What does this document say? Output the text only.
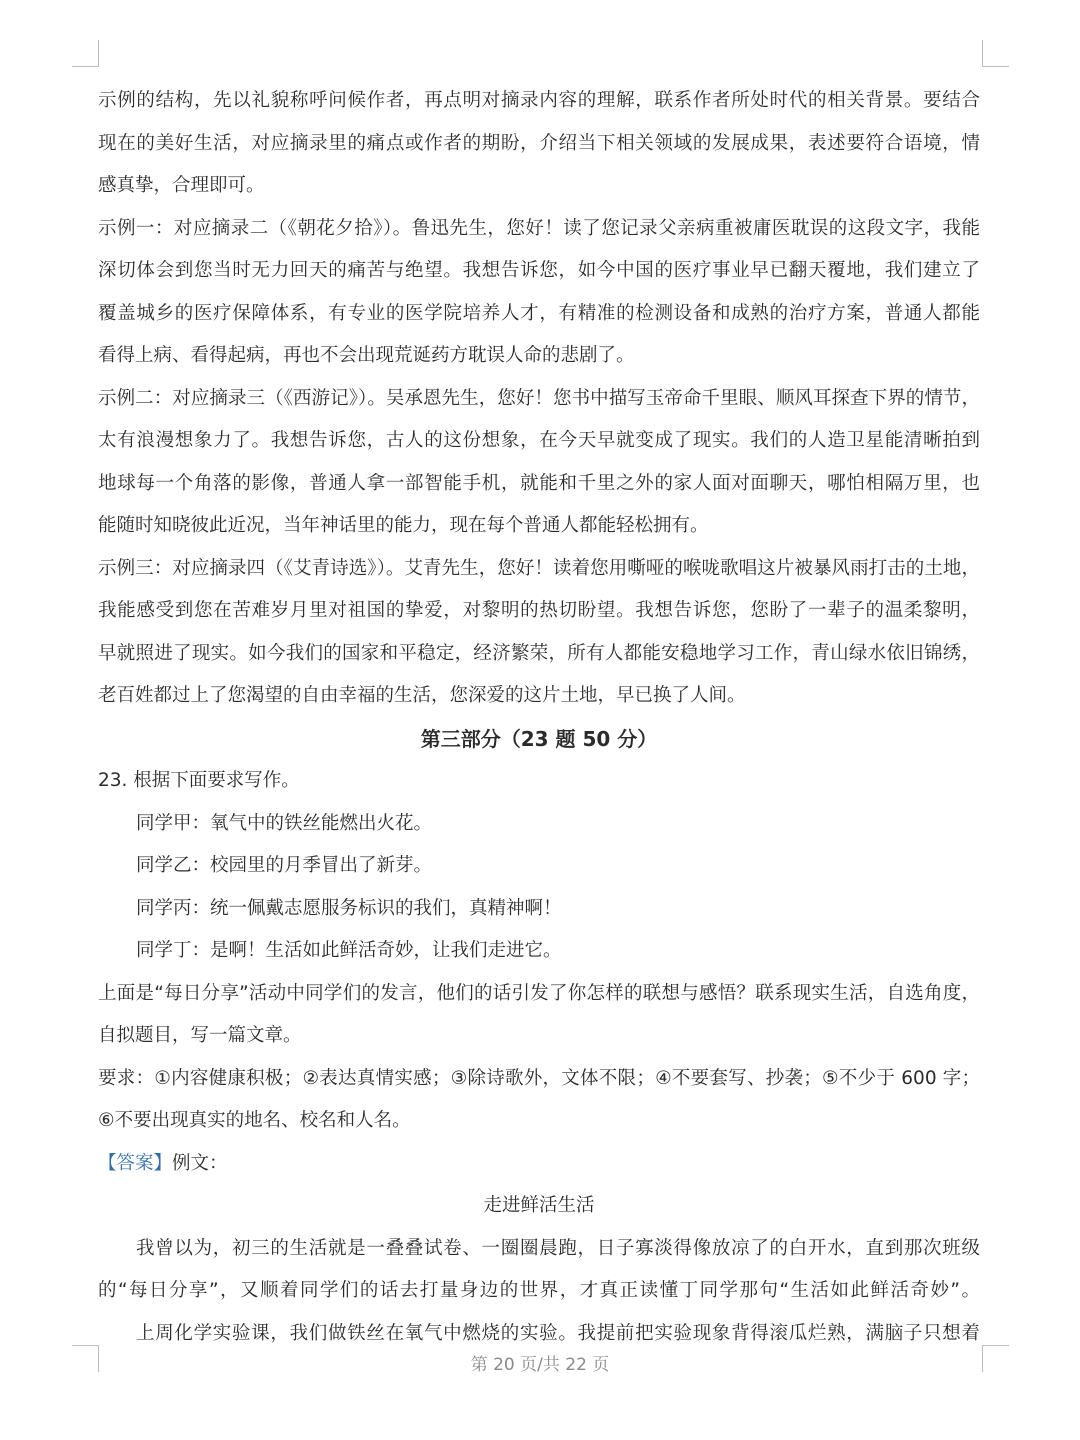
示例的结构，先以礼貌称呼问候作者，再点明对摘录内容的理解，联系作者所处时代的相关背景。要结合
现在的美好生活，对应摘录里的痛点或作者的期盼，介绍当下相关领域的发展成果，表述要符合语境，情
感真挚，合理即可。
示例一：对应摘录二（《朝花夕拾》）。鲁迅先生，您好！读了您记录父亲病重被庸医耽误的这段文字，我能
深切体会到您当时无力回天的痛苦与绝望。我想告诉您，如今中国的医疗事业早已翻天覆地，我们建立了
覆盖城乡的医疗保障体系，有专业的医学院培养人才，有精准的检测设备和成熟的治疗方案，普通人都能
看得上病、看得起病，再也不会出现荒诞药方耽误人命的悲剧了。
示例二：对应摘录三（《西游记》）。吴承恩先生，您好！您书中描写玉帝命千里眼、顺风耳探查下界的情节，
太有浪漫想象力了。我想告诉您，古人的这份想象，在今天早就变成了现实。我们的人造卫星能清晰拍到
地球每一个角落的影像，普通人拿一部智能手机，就能和千里之外的家人面对面聊天，哪怕相隔万里，也
能随时知晓彼此近况，当年神话里的能力，现在每个普通人都能轻松拥有。
示例三：对应摘录四（《艾青诗选》）。艾青先生，您好！读着您用嘶哑的喉咙歌唱这片被暴风雨打击的土地，
我能感受到您在苦难岁月里对祖国的挚爱，对黎明的热切盼望。我想告诉您，您盼了一辈子的温柔黎明，
早就照进了现实。如今我们的国家和平稳定，经济繁荣，所有人都能安稳地学习工作，青山绿水依旧锦绣，
老百姓都过上了您渴望的自由幸福的生活，您深爱的这片土地，早已换了人间。
第三部分（23 题 50 分）
23. 根据下面要求写作。
同学甲：氧气中的铁丝能燃出火花。
同学乙：校园里的月季冒出了新芽。
同学丙：统一佩戴志愿服务标识的我们，真精神啊！
同学丁：是啊！生活如此鲜活奇妙，让我们走进它。
上面是“每日分享”活动中同学们的发言，他们的话引发了你怎样的联想与感悟？联系现实生活，自选角度，
自拟题目，写一篇文章。
要求：①内容健康积极；②表达真情实感；③除诗歌外，文体不限；④不要套写、抄袭；⑤不少于 600 字；
⑥不要出现真实的地名、校名和人名。
【答案】例文：
走进鲜活生活
我曾以为，初三的生活就是一叠叠试卷、一圈圈晨跑，日子寡淡得像放凉了的白开水，直到那次班级
的“每日分享”，又顺着同学们的话去打量身边的世界，才真正读懂丁同学那句“生活如此鲜活奇妙”。
上周化学实验课，我们做铁丝在氧气中燃烧的实验。我提前把实验现象背得滚瓜烂熟，满脑子只想着
第 20 页/共 22 页
